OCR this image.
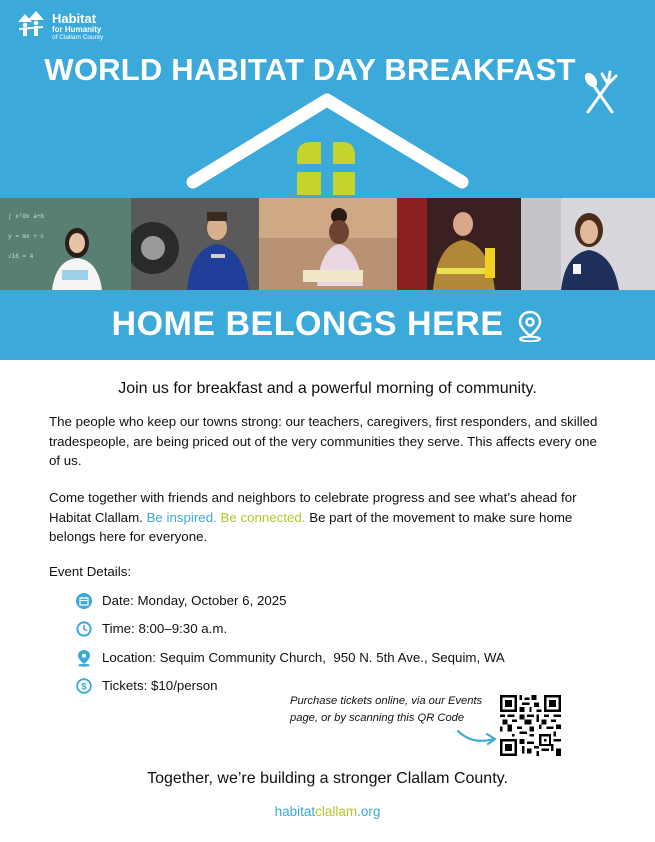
Habitat
for Humanity
of Clallam County
WORLD HABITAT DAY BREAKFAST
∫ x²dx a+b
y = mx + c
√16 = 4
HOME BELONGS HERE
Join us for breakfast and a powerful morning of community.
The people who keep our towns strong: our teachers, caregivers, first responders, and skilled tradespeople, are being priced out of the very communities they serve. This affects every one of us.
Come together with friends and neighbors to celebrate progress and see what’s ahead for Habitat Clallam. Be inspired. Be connected. Be part of the movement to make sure home belongs here for everyone.
Event Details:
Date: Monday, October 6, 2025
Time: 8:00–9:30 a.m.
Location: Sequim Community Church,  950 N. 5th Ave., Sequim, WA
$ Tickets: $10/person
Purchase tickets online, via our Events page, or by scanning this QR Code
Together, we’re building a stronger Clallam County.
habitatclallam.org
